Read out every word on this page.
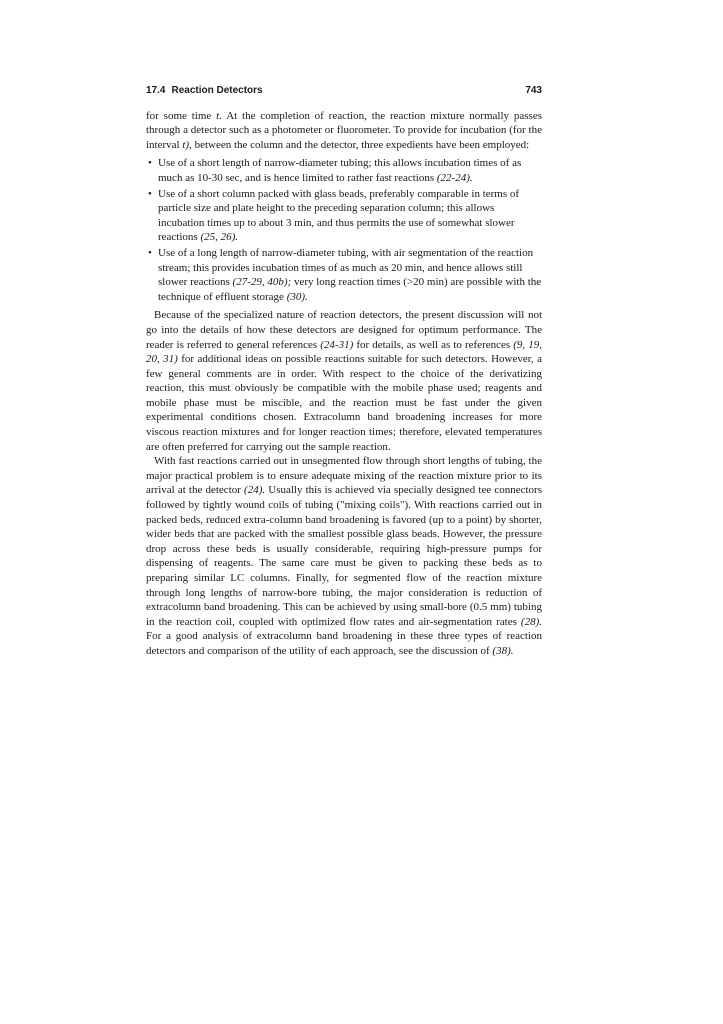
17.4 Reaction Detectors	743

for some time t. At the completion of reaction, the reaction mixture normally passes through a detector such as a photometer or fluorometer. To provide for incubation (for the interval t), between the column and the detector, three expedients have been employed:

• Use of a short length of narrow-diameter tubing; this allows incubation times of as much as 10-30 sec, and is hence limited to rather fast reactions (22-24).
• Use of a short column packed with glass beads, preferably comparable in terms of particle size and plate height to the preceding separation column; this allows incubation times up to about 3 min, and thus permits the use of somewhat slower reactions (25, 26).
• Use of a long length of narrow-diameter tubing, with air segmentation of the reaction stream; this provides incubation times of as much as 20 min, and hence allows still slower reactions (27-29, 40b); very long reaction times (>20 min) are possible with the technique of effluent storage (30).

Because of the specialized nature of reaction detectors, the present discussion will not go into the details of how these detectors are designed for optimum performance. The reader is referred to general references (24-31) for details, as well as to references (9, 19, 20, 31) for additional ideas on possible reactions suitable for such detectors. However, a few general comments are in order. With respect to the choice of the derivatizing reaction, this must obviously be compatible with the mobile phase used; reagents and mobile phase must be miscible, and the reaction must be fast under the given experimental conditions chosen. Extracolumn band broadening increases for more viscous reaction mixtures and for longer reaction times; therefore, elevated temperatures are often preferred for carrying out the sample reaction.

With fast reactions carried out in unsegmented flow through short lengths of tubing, the major practical problem is to ensure adequate mixing of the reaction mixture prior to its arrival at the detector (24). Usually this is achieved via specially designed tee connectors followed by tightly wound coils of tubing ("mixing coils"). With reactions carried out in packed beds, reduced extra-column band broadening is favored (up to a point) by shorter, wider beds that are packed with the smallest possible glass beads. However, the pressure drop across these beds is usually considerable, requiring high-pressure pumps for dispensing of reagents. The same care must be given to packing these beds as to preparing similar LC columns. Finally, for segmented flow of the reaction mixture through long lengths of narrow-bore tubing, the major consideration is reduction of extracolumn band broadening. This can be achieved by using small-bore (0.5 mm) tubing in the reaction coil, coupled with optimized flow rates and air-segmentation rates (28). For a good analysis of extracolumn band broadening in these three types of reaction detectors and comparison of the utility of each approach, see the discussion of (38).
